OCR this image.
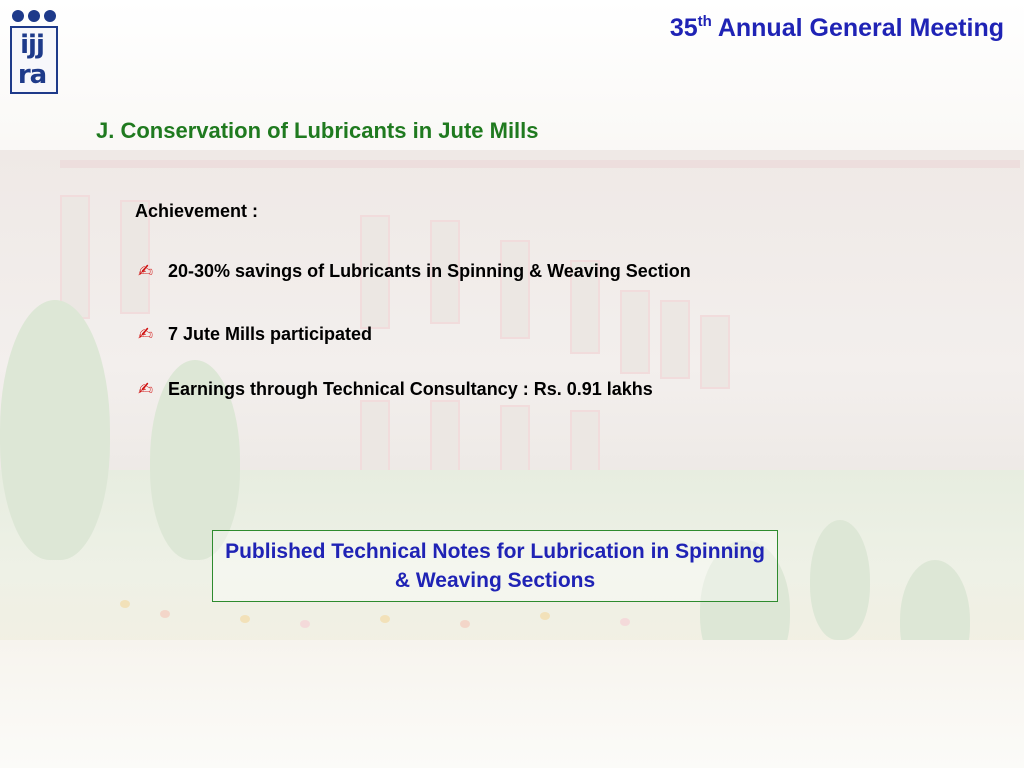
ijj
ra
35th Annual General Meeting
J. Conservation of Lubricants in Jute Mills
Achievement :
✍ 20-30% savings of Lubricants in Spinning & Weaving Section
✍ 7 Jute Mills participated
✍ Earnings through Technical Consultancy : Rs. 0.91 lakhs
Published Technical Notes for Lubrication in Spinning & Weaving Sections
